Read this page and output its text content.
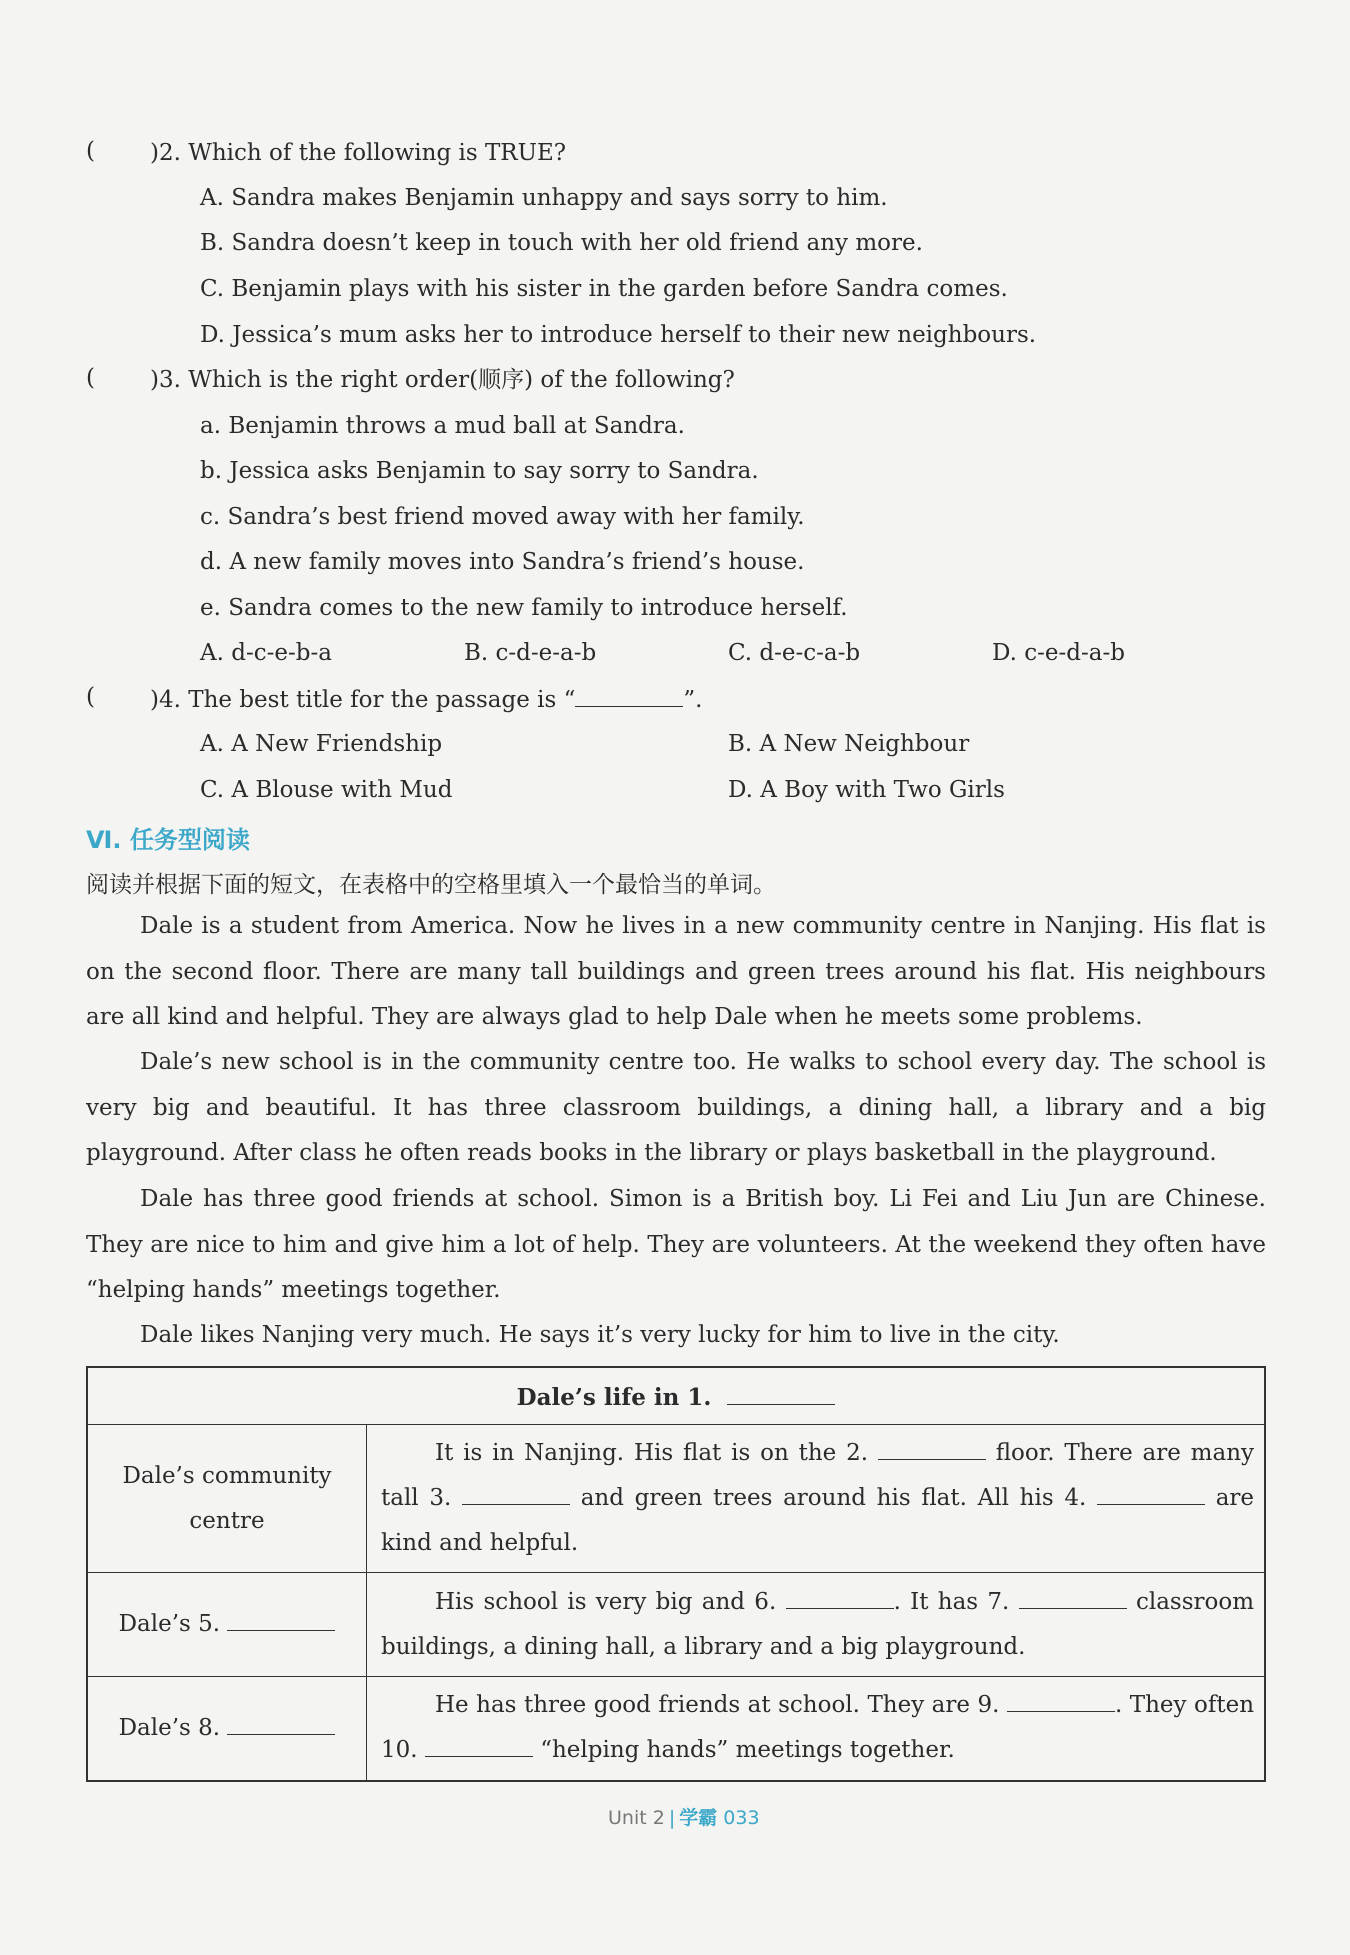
( )2. Which of the following is TRUE?
A. Sandra makes Benjamin unhappy and says sorry to him.
B. Sandra doesn’t keep in touch with her old friend any more.
C. Benjamin plays with his sister in the garden before Sandra comes.
D. Jessica’s mum asks her to introduce herself to their new neighbours.
( )3. Which is the right order(顺序) of the following?
a. Benjamin throws a mud ball at Sandra.
b. Jessica asks Benjamin to say sorry to Sandra.
c. Sandra’s best friend moved away with her family.
d. A new family moves into Sandra’s friend’s house.
e. Sandra comes to the new family to introduce herself.
A. d-c-e-b-a	B. c-d-e-a-b	C. d-e-c-a-b	D. c-e-d-a-b
( )4. The best title for the passage is “	”.
A. A New Friendship	B. A New Neighbour
C. A Blouse with Mud	D. A Boy with Two Girls
Ⅵ. 任务型阅读
阅读并根据下面的短文，在表格中的空格里填入一个最恰当的单词。
Dale is a student from America. Now he lives in a new community centre in Nanjing. His flat is on the second floor. There are many tall buildings and green trees around his flat. His neighbours are all kind and helpful. They are always glad to help Dale when he meets some problems.
Dale’s new school is in the community centre too. He walks to school every day. The school is very big and beautiful. It has three classroom buildings, a dining hall, a library and a big playground. After class he often reads books in the library or plays basketball in the playground.
Dale has three good friends at school. Simon is a British boy. Li Fei and Liu Jun are Chinese. They are nice to him and give him a lot of help. They are volunteers. At the weekend they often have “helping hands” meetings together.
Dale likes Nanjing very much. He says it’s very lucky for him to live in the city.
Dale’s life in 1.	

Dale’s community centre	It is in Nanjing. His flat is on the 2. floor. There are many tall 3. and green trees around his flat. All his 4. are kind and helpful.
Dale’s 5.	His school is very big and 6. . It has 7. classroom buildings, a dining hall, a library and a big playground.
Dale’s 8.	He has three good friends at school. They are 9. . They often 10. “helping hands” meetings together.
Unit 2 | 学霸 033
